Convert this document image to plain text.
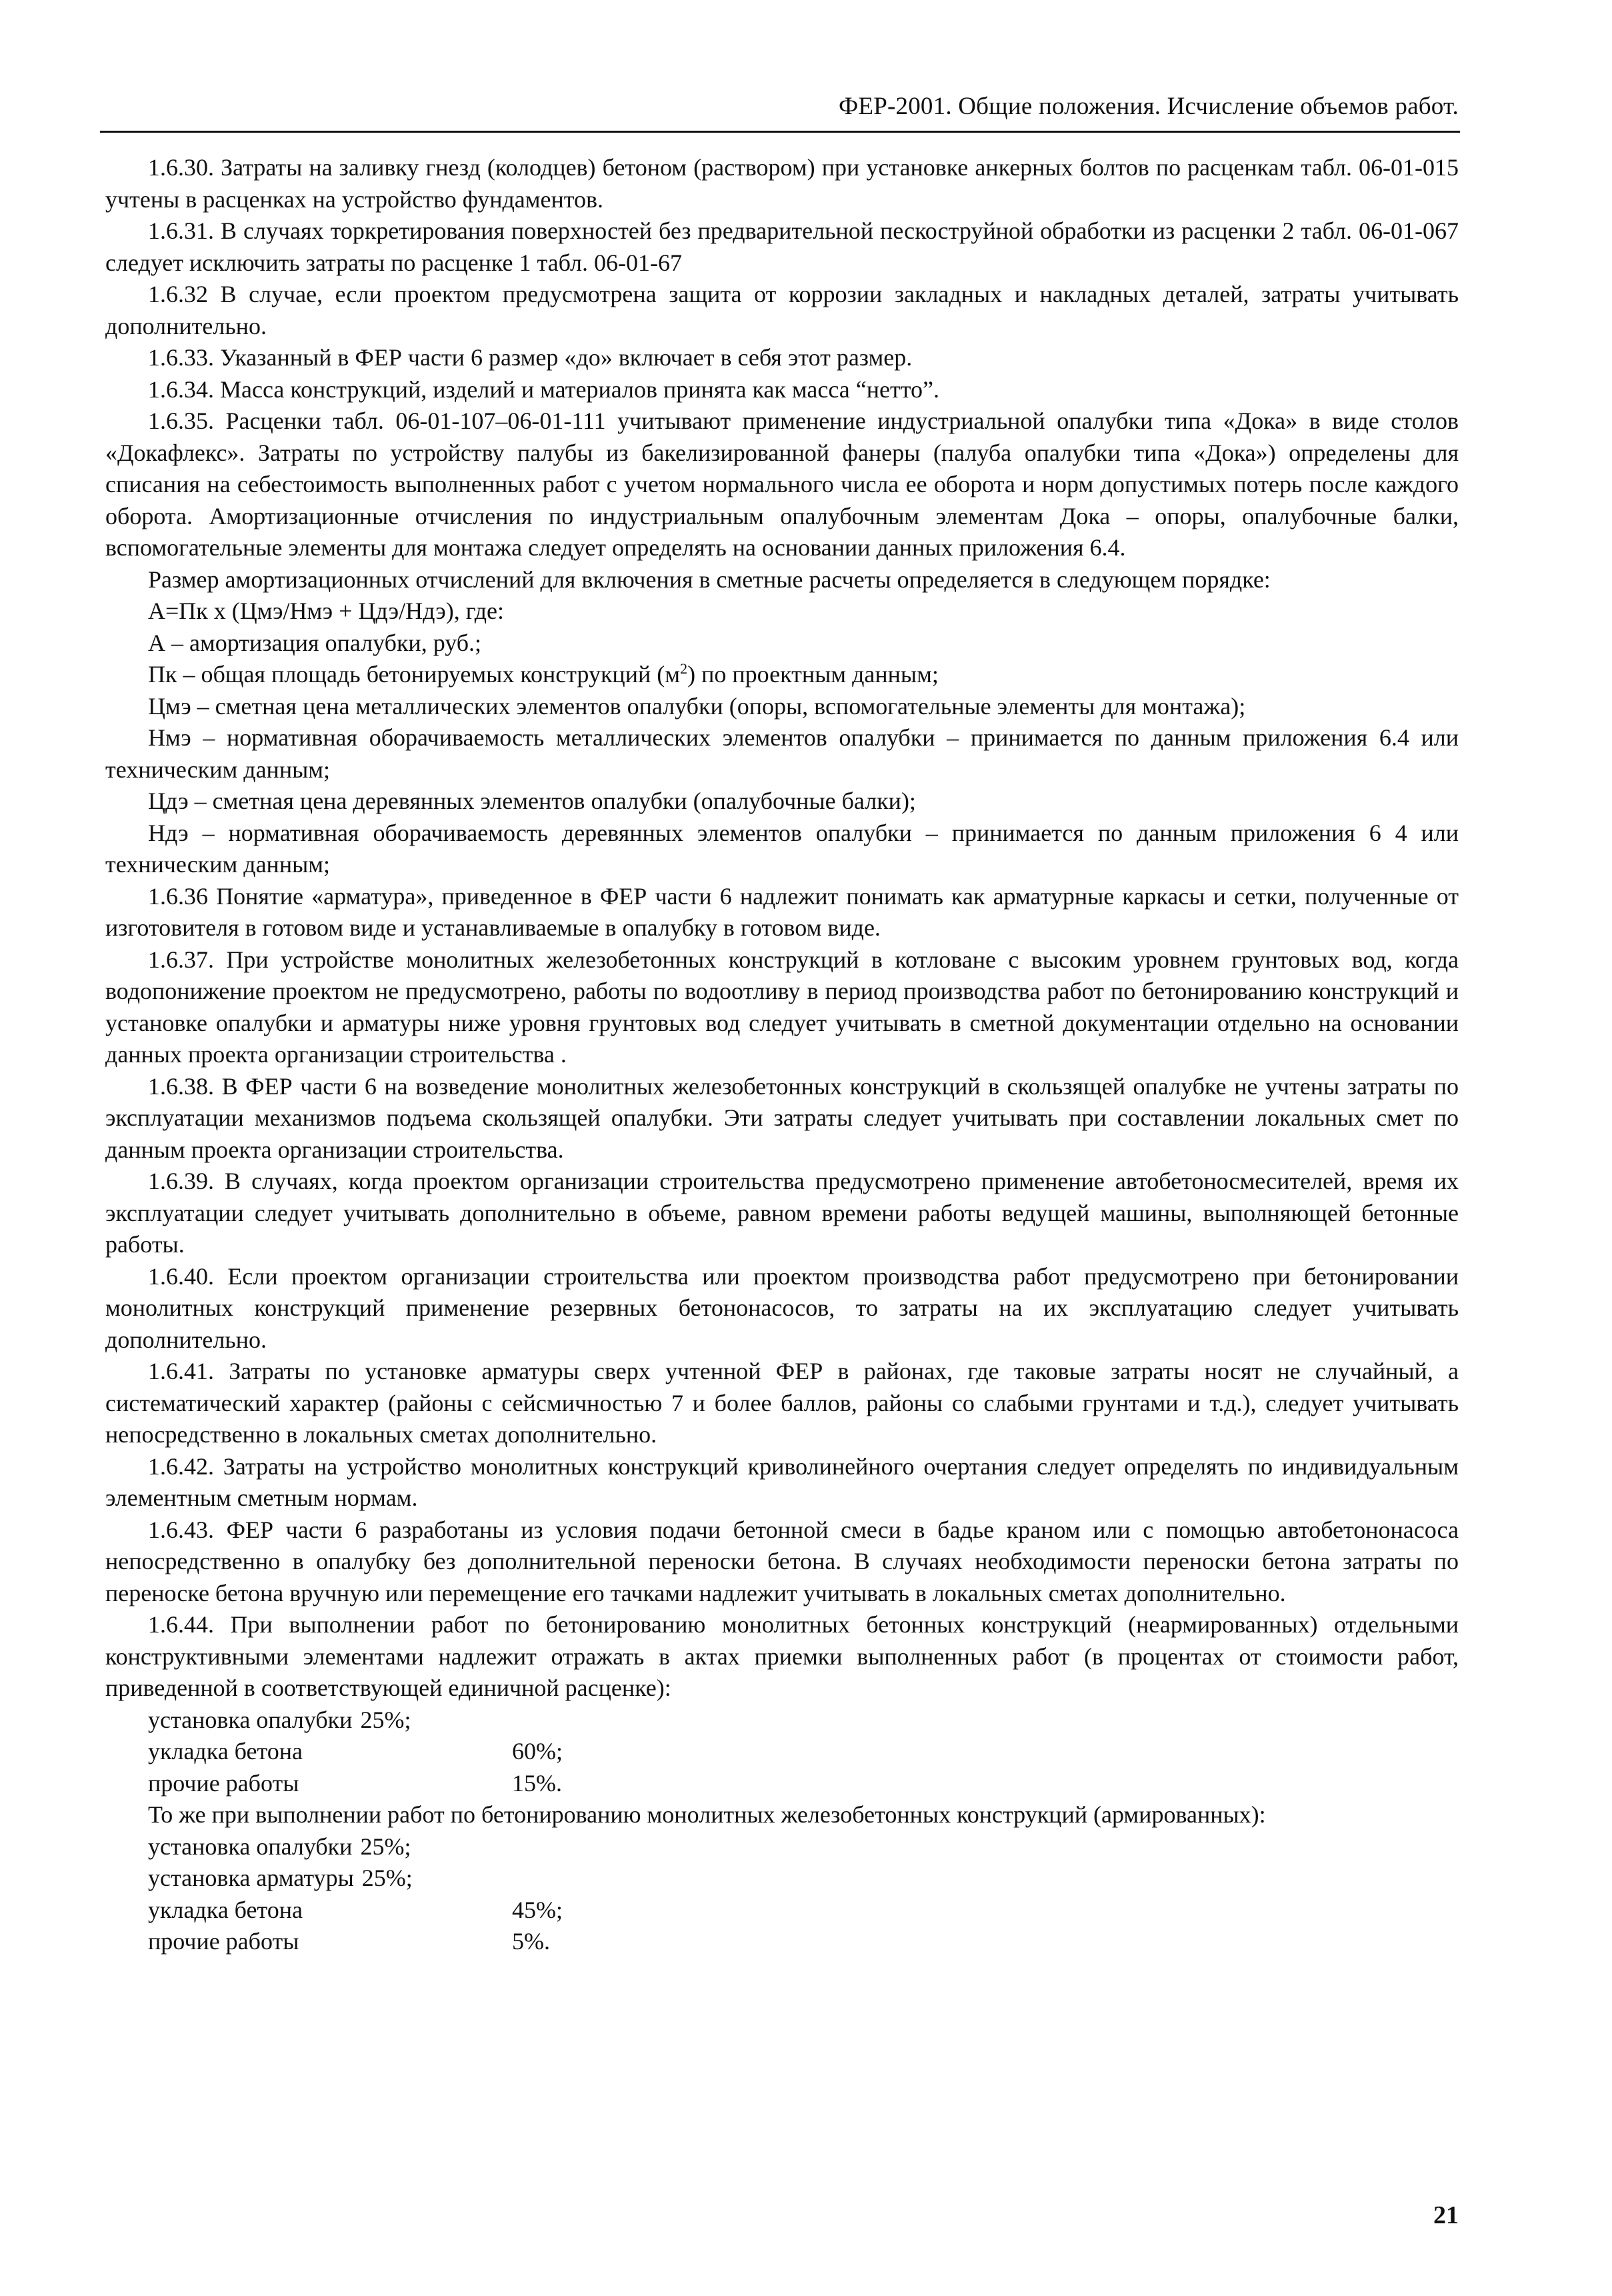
ФЕР-2001. Общие положения. Исчисление объемов работ.

1.6.30. Затраты на заливку гнезд (колодцев) бетоном (раствором) при установке анкерных болтов по расценкам табл. 06-01-015 учтены в расценках на устройство фундаментов.

1.6.31. В случаях торкретирования поверхностей без предварительной пескоструйной обработки из расценки 2 табл. 06-01-067 следует исключить затраты по расценке 1 табл. 06-01-67

1.6.32 В случае, если проектом предусмотрена защита от коррозии закладных и накладных деталей, затраты учитывать дополнительно.

1.6.33. Указанный в ФЕР части 6 размер «до» включает в себя этот размер.

1.6.34. Масса конструкций, изделий и материалов принята как масса “нетто”.

1.6.35. Расценки табл. 06-01-107–06-01-111 учитывают применение индустриальной опалубки типа «Дока» в виде столов «Докафлекс». Затраты по устройству палубы из бакелизированной фанеры (палуба опалубки типа «Дока») определены для списания на себестоимость выполненных работ с учетом нормального числа ее оборота и норм допустимых потерь после каждого оборота. Амортизационные отчисления по индустриальным опалубочным элементам Дока – опоры, опалубочные балки, вспомогательные элементы для монтажа следует определять на основании данных приложения 6.4.

Размер амортизационных отчислений для включения в сметные расчеты определяется в следующем порядке:

А=Пк х (Цмэ/Нмэ + Цдэ/Ндэ), где:

А – амортизация опалубки, руб.;

Пк – общая площадь бетонируемых конструкций $(м^2)$ по проектным данным;

Цмэ – сметная цена металлических элементов опалубки (опоры, вспомогательные элементы для монтажа);

Нмэ – нормативная оборачиваемость металлических элементов опалубки – принимается по данным приложения 6.4 или техническим данным;

Цдэ – сметная цена деревянных элементов опалубки (опалубочные балки);

Ндэ – нормативная оборачиваемость деревянных элементов опалубки – принимается по данным приложения 6 4 или техническим данным;

1.6.36 Понятие «арматура», приведенное в ФЕР части 6 надлежит понимать как арматурные каркасы и сетки, полученные от изготовителя в готовом виде и устанавливаемые в опалубку в готовом виде.

1.6.37. При устройстве монолитных железобетонных конструкций в котловане с высоким уровнем грунтовых вод, когда водопонижение проектом не предусмотрено, работы по водоотливу в период производства работ по бетонированию конструкций и установке опалубки и арматуры ниже уровня грунтовых вод следует учитывать в сметной документации отдельно на основании данных проекта организации строительства .

1.6.38. В ФЕР части 6 на возведение монолитных железобетонных конструкций в скользящей опалубке не учтены затраты по эксплуатации механизмов подъема скользящей опалубки. Эти затраты следует учитывать при составлении локальных смет по данным проекта организации строительства.

1.6.39. В случаях, когда проектом организации строительства предусмотрено применение автобетоносмесителей, время их эксплуатации следует учитывать дополнительно в объеме, равном времени работы ведущей машины, выполняющей бетонные работы.

1.6.40. Если проектом организации строительства или проектом производства работ предусмотрено при бетонировании монолитных конструкций применение резервных бетононасосов, то затраты на их эксплуатацию следует учитывать дополнительно.

1.6.41. Затраты по установке арматуры сверх учтенной ФЕР в районах, где таковые затраты носят не случайный, а систематический характер (районы с сейсмичностью 7 и более баллов, районы со слабыми грунтами и т.д.), следует учитывать непосредственно в локальных сметах дополнительно.

1.6.42. Затраты на устройство монолитных конструкций криволинейного очертания следует определять по индивидуальным элементным сметным нормам.

1.6.43. ФЕР части 6 разработаны из условия подачи бетонной смеси в бадье краном или с помощью автобетононасоса непосредственно в опалубку без дополнительной переноски бетона. В случаях необходимости переноски бетона затраты по переноске бетона вручную или перемещение его тачками надлежит учитывать в локальных сметах дополнительно.

1.6.44. При выполнении работ по бетонированию монолитных бетонных конструкций (неармированных) отдельными конструктивными элементами надлежит отражать в актах приемки выполненных работ (в процентах от стоимости работ, приведенной в соответствующей единичной расценке):

установка опалубки 25%;
укладка бетона	60%;
прочие работы	15%.

То же при выполнении работ по бетонированию монолитных железобетонных конструкций (армированных):

установка опалубки 25%;
установка арматуры 25%;
укладка бетона	45%;
прочие работы	5%.
21
